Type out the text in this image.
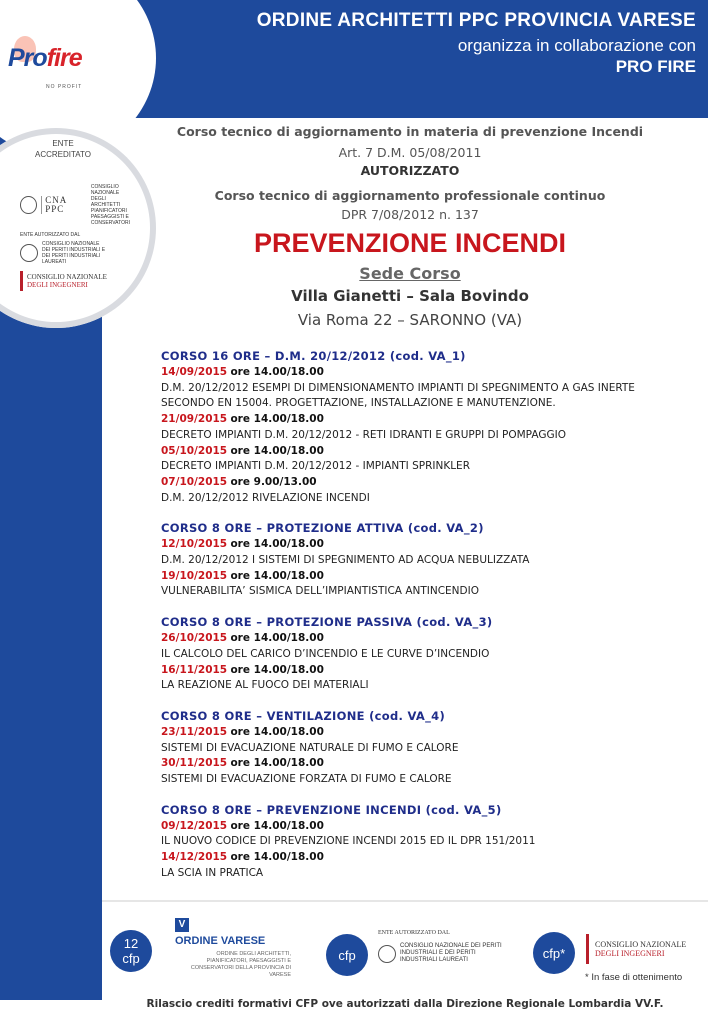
Profire
NO PROFIT
ORDINE ARCHITETTI PPC PROVINCIA VARESE
organizza in collaborazione con
PRO FIRE
ENTE ACCREDITATO
CNA PPC
CONSIGLIO NAZIONALE DEGLI ARCHITETTI PIANIFICATORI PAESAGGISTI E CONSERVATORI
ENTE AUTORIZZATO DAL
CONSIGLIO NAZIONALE DEI PERITI INDUSTRIALI E DEI PERITI INDUSTRIALI LAUREATI
CONSIGLIO NAZIONALE
DEGLI INGEGNERI
Corso tecnico di aggiornamento in materia di prevenzione Incendi
Art. 7 D.M. 05/08/2011
AUTORIZZATO
Corso tecnico di aggiornamento professionale continuo
DPR 7/08/2012 n. 137
PREVENZIONE INCENDI
Sede Corso
Villa Gianetti – Sala Bovindo
Via Roma 22 – SARONNO (VA)
CORSO 16 ORE – D.M. 20/12/2012 (cod. VA_1)
14/09/2015 ore 14.00/18.00
D.M. 20/12/2012 ESEMPI DI DIMENSIONAMENTO IMPIANTI DI SPEGNIMENTO A GAS INERTE
SECONDO EN 15004. PROGETTAZIONE, INSTALLAZIONE E MANUTENZIONE.
21/09/2015 ore 14.00/18.00
DECRETO IMPIANTI D.M. 20/12/2012 - RETI IDRANTI E GRUPPI DI POMPAGGIO
05/10/2015 ore 14.00/18.00
DECRETO IMPIANTI D.M. 20/12/2012 - IMPIANTI SPRINKLER
07/10/2015 ore 9.00/13.00
D.M. 20/12/2012 RIVELAZIONE INCENDI
CORSO 8 ORE – PROTEZIONE ATTIVA (cod. VA_2)
12/10/2015 ore 14.00/18.00
D.M. 20/12/2012 I SISTEMI DI SPEGNIMENTO AD ACQUA NEBULIZZATA
19/10/2015 ore 14.00/18.00
VULNERABILITA’ SISMICA DELL’IMPIANTISTICA ANTINCENDIO
CORSO 8 ORE – PROTEZIONE PASSIVA (cod. VA_3)
26/10/2015 ore 14.00/18.00
IL CALCOLO DEL CARICO D’INCENDIO E LE CURVE D’INCENDIO
16/11/2015 ore 14.00/18.00
LA REAZIONE AL FUOCO DEI MATERIALI
CORSO 8 ORE – VENTILAZIONE (cod. VA_4)
23/11/2015 ore 14.00/18.00
SISTEMI DI EVACUAZIONE NATURALE DI FUMO E CALORE
30/11/2015 ore 14.00/18.00
SISTEMI DI EVACUAZIONE FORZATA DI FUMO E CALORE
CORSO 8 ORE – PREVENZIONE INCENDI (cod. VA_5)
09/12/2015 ore 14.00/18.00
IL NUOVO CODICE DI PREVENZIONE INCENDI 2015 ED IL DPR 151/2011
14/12/2015 ore 14.00/18.00
LA SCIA IN PRATICA
12
cfp
V
ORDINE VARESE
ORDINE DEGLI ARCHITETTI, PIANIFICATORI, PAESAGGISTI E CONSERVATORI DELLA PROVINCIA DI VARESE
cfp
ENTE AUTORIZZATO DAL
CONSIGLIO NAZIONALE DEI PERITI INDUSTRIALI E DEI PERITI INDUSTRIALI LAUREATI	cfp*
CONSIGLIO NAZIONALE
DEGLI INGEGNERI
* In fase di ottenimento
Rilascio crediti formativi CFP ove autorizzati dalla Direzione Regionale Lombardia VV.F.
